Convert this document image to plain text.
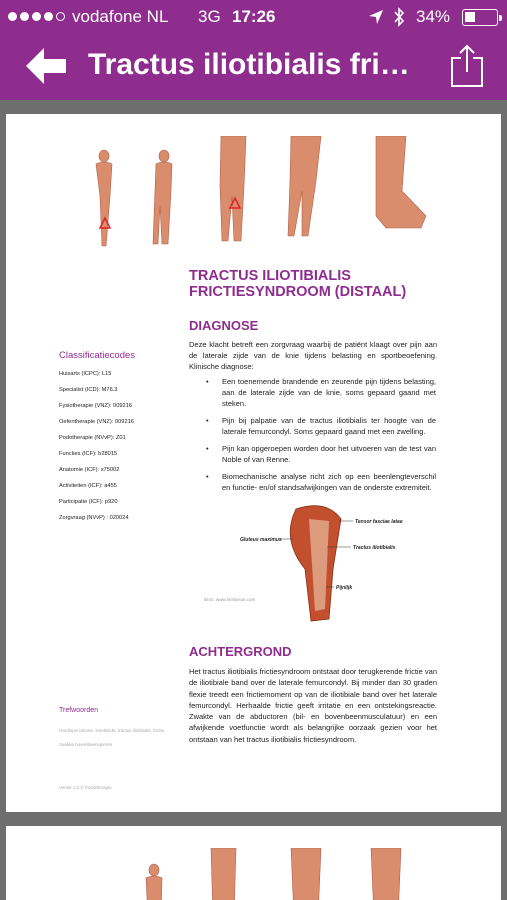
vodafone NL 3G 17:26	34%
Tractus iliotibialis fri…
TRACTUS ILIOTIBIALIS FRICTIESYNDROOM (DISTAAL)
DIAGNOSE

Deze klacht betreft een zorgvraag waarbij de patiënt klaagt over pijn aan de laterale zijde van de knie tijdens belasting en sportbeoefening. Klinische diagnose:

• Een toenemende brandende en zeurende pijn tijdens belasting, aan de laterale zijde van de knie, soms gepaard gaand met steken.
• Pijn bij palpatie van de tractus iliotibialis ter hoogte van de laterale femurcondyl. Soms gepaard gaand met een zwelling.
• Pijn kan opgeroepen worden door het uitvoeren van de test van Noble of van Renne.
• Biomechanische analyse richt zich op een beenlengteverschil en functie- en/of standsafwijkingen van de onderste extremiteit.
Tensor fasciae latae
Gluteus maximus
Tractus iliotibialis
Pijnlijk
Bron: www.nicibyson.com
ACHTERGROND

Het tractus iliotibialis frictiesyndroom ontstaat door terugkerende frictie van de iliotibiale band over de laterale femurcondyl. Bij minder dan 30 graden flexie treedt een frictiemoment op van de iliotibiale band over het laterale femurcondyl. Herhaalde frictie geeft irritatie en een ontstekingsreactie. Zwakte van de abductoren (bil- en bovenbeenmusculatuur) en een afwijkende voetfunctie wordt als belangrijke oorzaak gezien voor het ontstaan van het tractus iliotibialis frictiesyndroom.

Classificatiecodes
Huisarts (ICPC): L15
Specialist (ICD): M76.3
Fysiotherapie (VNZ): 009216
Oefentherapie (VNZ): 009216
Podotherapie (NVvP): Z01
Functies (ICF): b28015
Anatomie (ICF): s75002
Activiteiten (ICF): a455
Participatie (ICF): p920
Zorgvraag (NVvP) : 020024
Trefwoorden
Hardloperssknee, knieklacht, tractus iliotibialis, frictie, zwakke bovenbeenspieren
Versie 1.0 © Podotherapie
